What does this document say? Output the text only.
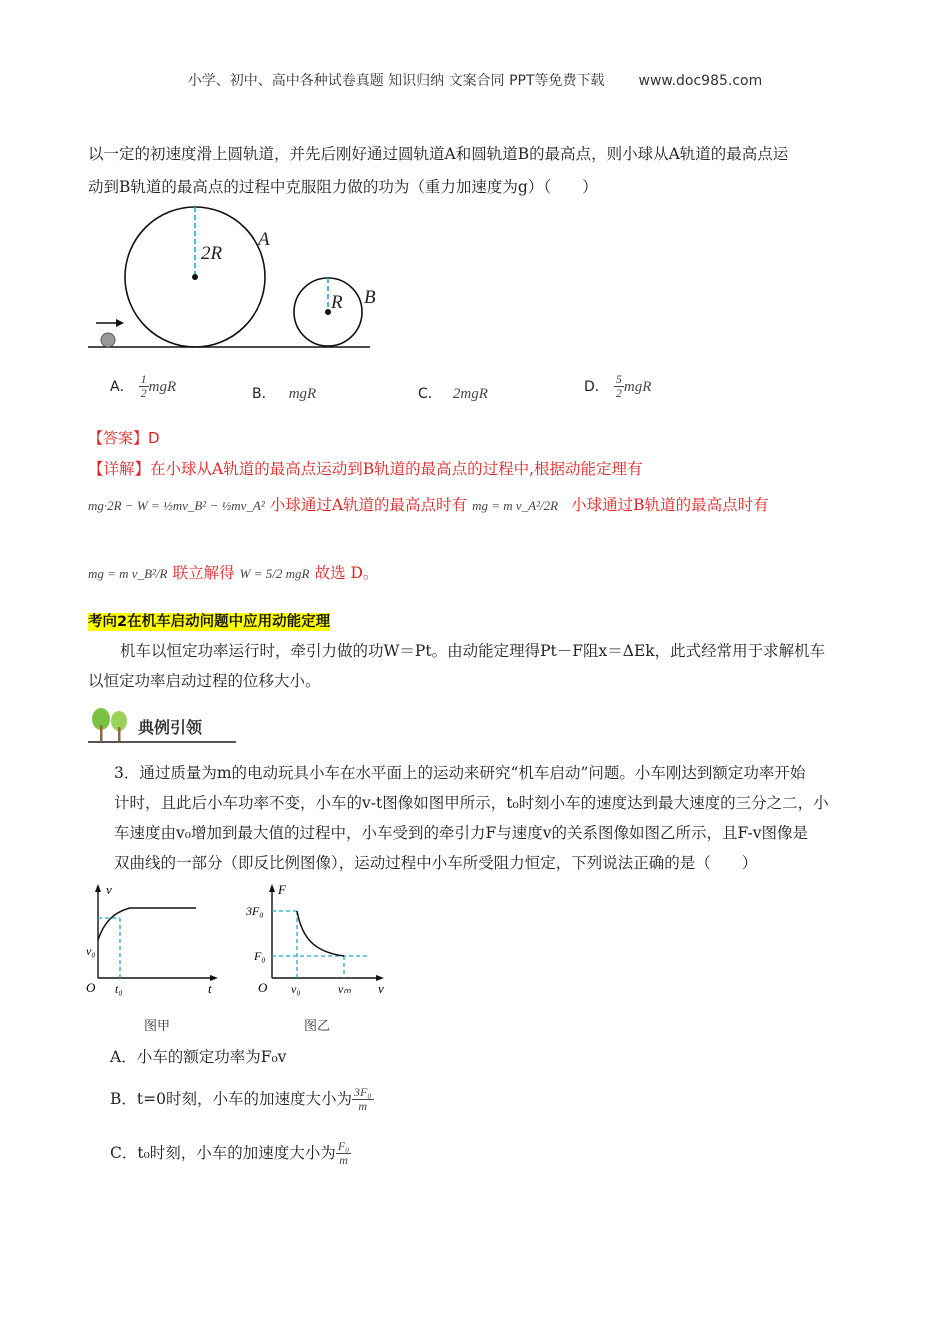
小学、初中、高中各种试卷真题 知识归纳 文案合同 PPT等免费下载 www.doc985.com
以一定的初速度滑上圆轨道，并先后刚好通过圆轨道A和圆轨道B的最高点，则小球从A轨道的最高点运
动到B轨道的最高点的过程中克服阻力做的功为（重力加速度为g）（　　）
2R
A
R B
A． $\frac{1}{2}$ mgR	B． mgR	C． 2mgR	D． $\frac{5}{2}$ mgR
【答案】D
【详解】在小球从A轨道的最高点运动到B轨道的最高点的过程中,根据动能定理有
mg·2R − W = ½mv_B² − ½mv_A² 小球通过A轨道的最高点时有 mg = m v_A²/2R 小球通过B轨道的最高点时有
mg = m v_B²/R 联立解得 W = 5/2 mgR 故选 D。
考向2在机车启动问题中应用动能定理
机车以恒定功率运行时，牵引力做的功W＝Pt。由动能定理得Pt－F阻x＝ΔEk，此式经常用于求解机车
以恒定功率启动过程的位移大小。
典例引领
3．通过质量为m的电动玩具小车在水平面上的运动来研究“机车启动”问题。小车刚达到额定功率开始
计时，且此后小车功率不变，小车的v-t图像如图甲所示，t₀时刻小车的速度达到最大速度的三分之二，小
车速度由v₀增加到最大值的过程中，小车受到的牵引力F与速度v的关系图像如图乙所示，且F-v图像是
双曲线的一部分（即反比例图像），运动过程中小车所受阻力恒定，下列说法正确的是（　　）
v
v₀
O t₀	t
图甲
F
3F₀
F₀
O v₀	vₘ v
图乙
A．小车的额定功率为F₀v
B．t=0时刻，小车的加速度大小为 $\frac{\text{3F₀}}{m}$
C．t₀时刻，小车的加速度大小为 $\frac{\text{F₀}}{m}$
